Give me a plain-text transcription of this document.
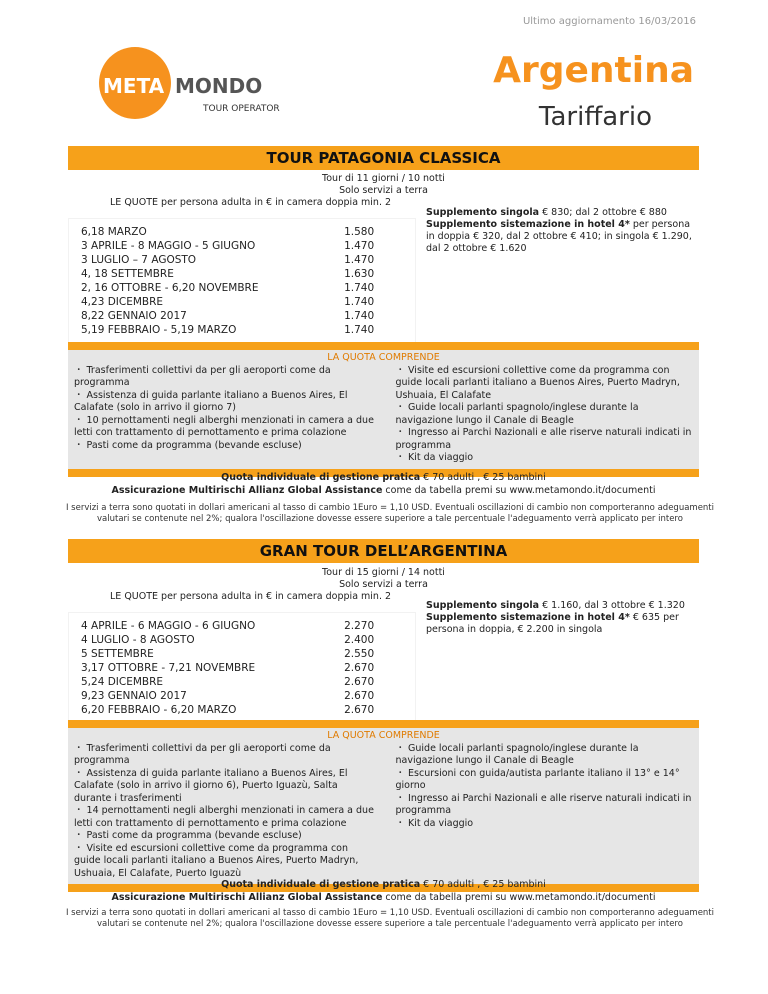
Ultimo aggiornamento 16/03/2016
META MONDO
TOUR OPERATOR
Argentina
Tariffario
TOUR PATAGONIA CLASSICA
Tour di 11 giorni / 10 notti
Solo servizi a terra
LE QUOTE per persona adulta in € in camera doppia min. 2
6,18 MARZO	1.580
3 APRILE - 8 MAGGIO - 5 GIUGNO	1.470
3 LUGLIO – 7 AGOSTO	1.470
4, 18 SETTEMBRE	1.630
2, 16 OTTOBRE - 6,20 NOVEMBRE	1.740
4,23 DICEMBRE	1.740
8,22 GENNAIO 2017	1.740
5,19 FEBBRAIO - 5,19 MARZO	1.740
Supplemento singola € 830; dal 2 ottobre € 880
Supplemento sistemazione in hotel 4* per persona in doppia € 320, dal 2 ottobre € 410; in singola € 1.290, dal 2 ottobre € 1.620
LA QUOTA COMPRENDE
・ Trasferimenti collettivi da per gli aeroporti come da programma
・ Assistenza di guida parlante italiano a Buenos Aires, El Calafate (solo in arrivo il giorno 7)
・ 10 pernottamenti negli alberghi menzionati in camera a due letti con trattamento di pernottamento e prima colazione
・ Pasti come da programma (bevande escluse)
・ Visite ed escursioni collettive come da programma con guide locali parlanti italiano a Buenos Aires, Puerto Madryn, Ushuaia, El Calafate
・ Guide locali parlanti spagnolo/inglese durante la navigazione lungo il Canale di Beagle
・ Ingresso ai Parchi Nazionali e alle riserve naturali indicati in programma
・ Kit da viaggio
Quota individuale di gestione pratica € 70 adulti , € 25 bambini
Assicurazione Multirischi Allianz Global Assistance come da tabella premi su www.metamondo.it/documenti
I servizi a terra sono quotati in dollari americani al tasso di cambio 1Euro = 1,10 USD. Eventuali oscillazioni di cambio non comporteranno adeguamenti valutari se contenute nel 2%; qualora l'oscillazione dovesse essere superiore a tale percentuale l'adeguamento verrà applicato per intero
GRAN TOUR DELL’ARGENTINA
Tour di 15 giorni / 14 notti
Solo servizi a terra
LE QUOTE per persona adulta in € in camera doppia min. 2
4 APRILE - 6 MAGGIO - 6 GIUGNO	2.270
4 LUGLIO - 8 AGOSTO	2.400
5 SETTEMBRE	2.550
3,17 OTTOBRE - 7,21 NOVEMBRE	2.670
5,24 DICEMBRE	2.670
9,23 GENNAIO 2017	2.670
6,20 FEBBRAIO - 6,20 MARZO	2.670
Supplemento singola € 1.160, dal 3 ottobre € 1.320
Supplemento sistemazione in hotel 4* € 635 per persona in doppia, € 2.200 in singola
LA QUOTA COMPRENDE
・ Trasferimenti collettivi da per gli aeroporti come da programma
・ Assistenza di guida parlante italiano a Buenos Aires, El Calafate (solo in arrivo il giorno 6), Puerto Iguazù, Salta durante i trasferimenti
・ 14 pernottamenti negli alberghi menzionati in camera a due letti con trattamento di pernottamento e prima colazione
・ Pasti come da programma (bevande escluse)
・ Visite ed escursioni collettive come da programma con guide locali parlanti italiano a Buenos Aires, Puerto Madryn, Ushuaia, El Calafate, Puerto Iguazù
・ Guide locali parlanti spagnolo/inglese durante la navigazione lungo il Canale di Beagle
・ Escursioni con guida/autista parlante italiano il 13° e 14° giorno
・ Ingresso ai Parchi Nazionali e alle riserve naturali indicati in programma
・ Kit da viaggio
Quota individuale di gestione pratica € 70 adulti , € 25 bambini
Assicurazione Multirischi Allianz Global Assistance come da tabella premi su www.metamondo.it/documenti
I servizi a terra sono quotati in dollari americani al tasso di cambio 1Euro = 1,10 USD. Eventuali oscillazioni di cambio non comporteranno adeguamenti valutari se contenute nel 2%; qualora l'oscillazione dovesse essere superiore a tale percentuale l'adeguamento verrà applicato per intero
